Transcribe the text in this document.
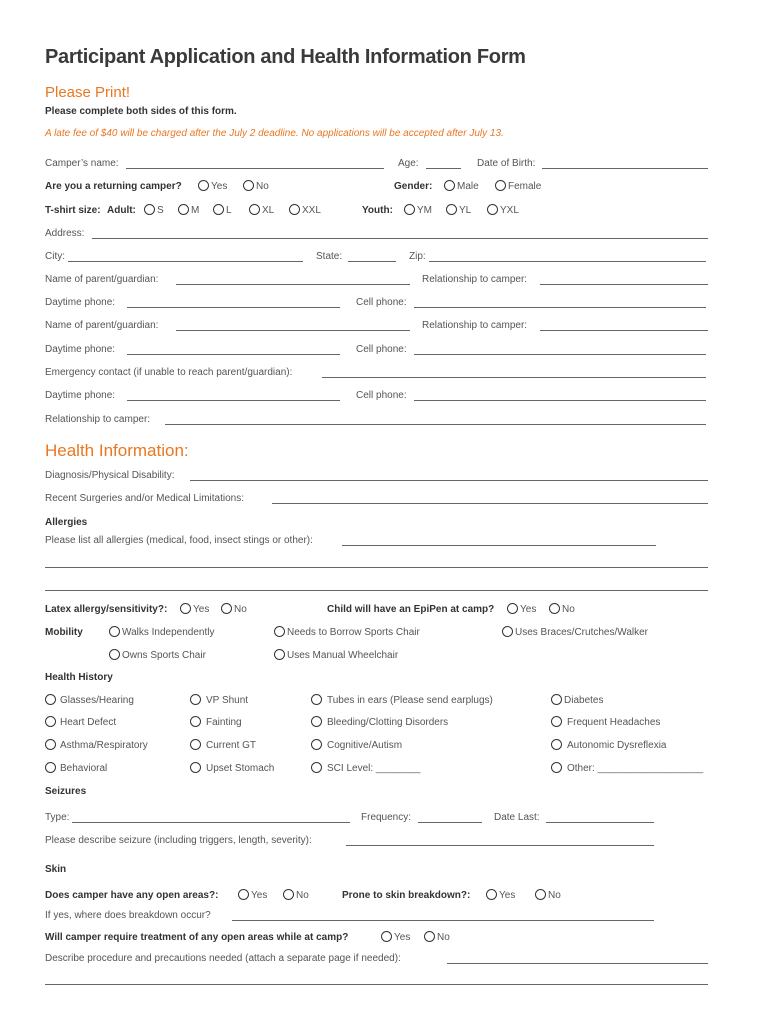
Participant Application and Health Information Form
Please Print!
Please complete both sides of this form.
A late fee of $40 will be charged after the July 2 deadline. No applications will be accepted after July 13.
Camper’s name:	Age:	Date of Birth:
Are you a returning camper?	Yes	No	Gender: Male	Female
T-shirt size: Adult: S	M	L	XL	XXL	Youth: YM	YL	YXL
Address:
City:	State:	Zip:
Name of parent/guardian:	Relationship to camper:
Daytime phone:	Cell phone:
Name of parent/guardian:	Relationship to camper:
Daytime phone:	Cell phone:
Emergency contact (if unable to reach parent/guardian):
Daytime phone:	Cell phone:
Relationship to camper:
Health Information:
Diagnosis/Physical Disability:
Recent Surgeries and/or Medical Limitations:
Allergies
Please list all allergies (medical, food, insect stings or other):
Latex allergy/sensitivity?:	Yes No	Child will have an EpiPen at camp?	Yes	No
Mobility	Walks Independently	Needs to Borrow Sports Chair	Uses Braces/Crutches/Walker
Owns Sports Chair	Uses Manual Wheelchair
Health History
Glasses/Hearing	VP Shunt	Tubes in ears (Please send earplugs)	Diabetes
Heart Defect	Fainting	Bleeding/Clotting Disorders	Frequent Headaches
Asthma/Respiratory	Current GT	Cognitive/Autism	Autonomic Dysreflexia
Behavioral	Upset Stomach	SCI Level: ________	Other: ___________________
Seizures
Type:	Frequency:	Date Last:
Please describe seizure (including triggers, length, severity):
Skin
Does camper have any open areas?:	Yes	No	Prone to skin breakdown?:	Yes	No
If yes, where does breakdown occur?
Will camper require treatment of any open areas while at camp?	Yes	No
Describe procedure and precautions needed (attach a separate page if needed):
